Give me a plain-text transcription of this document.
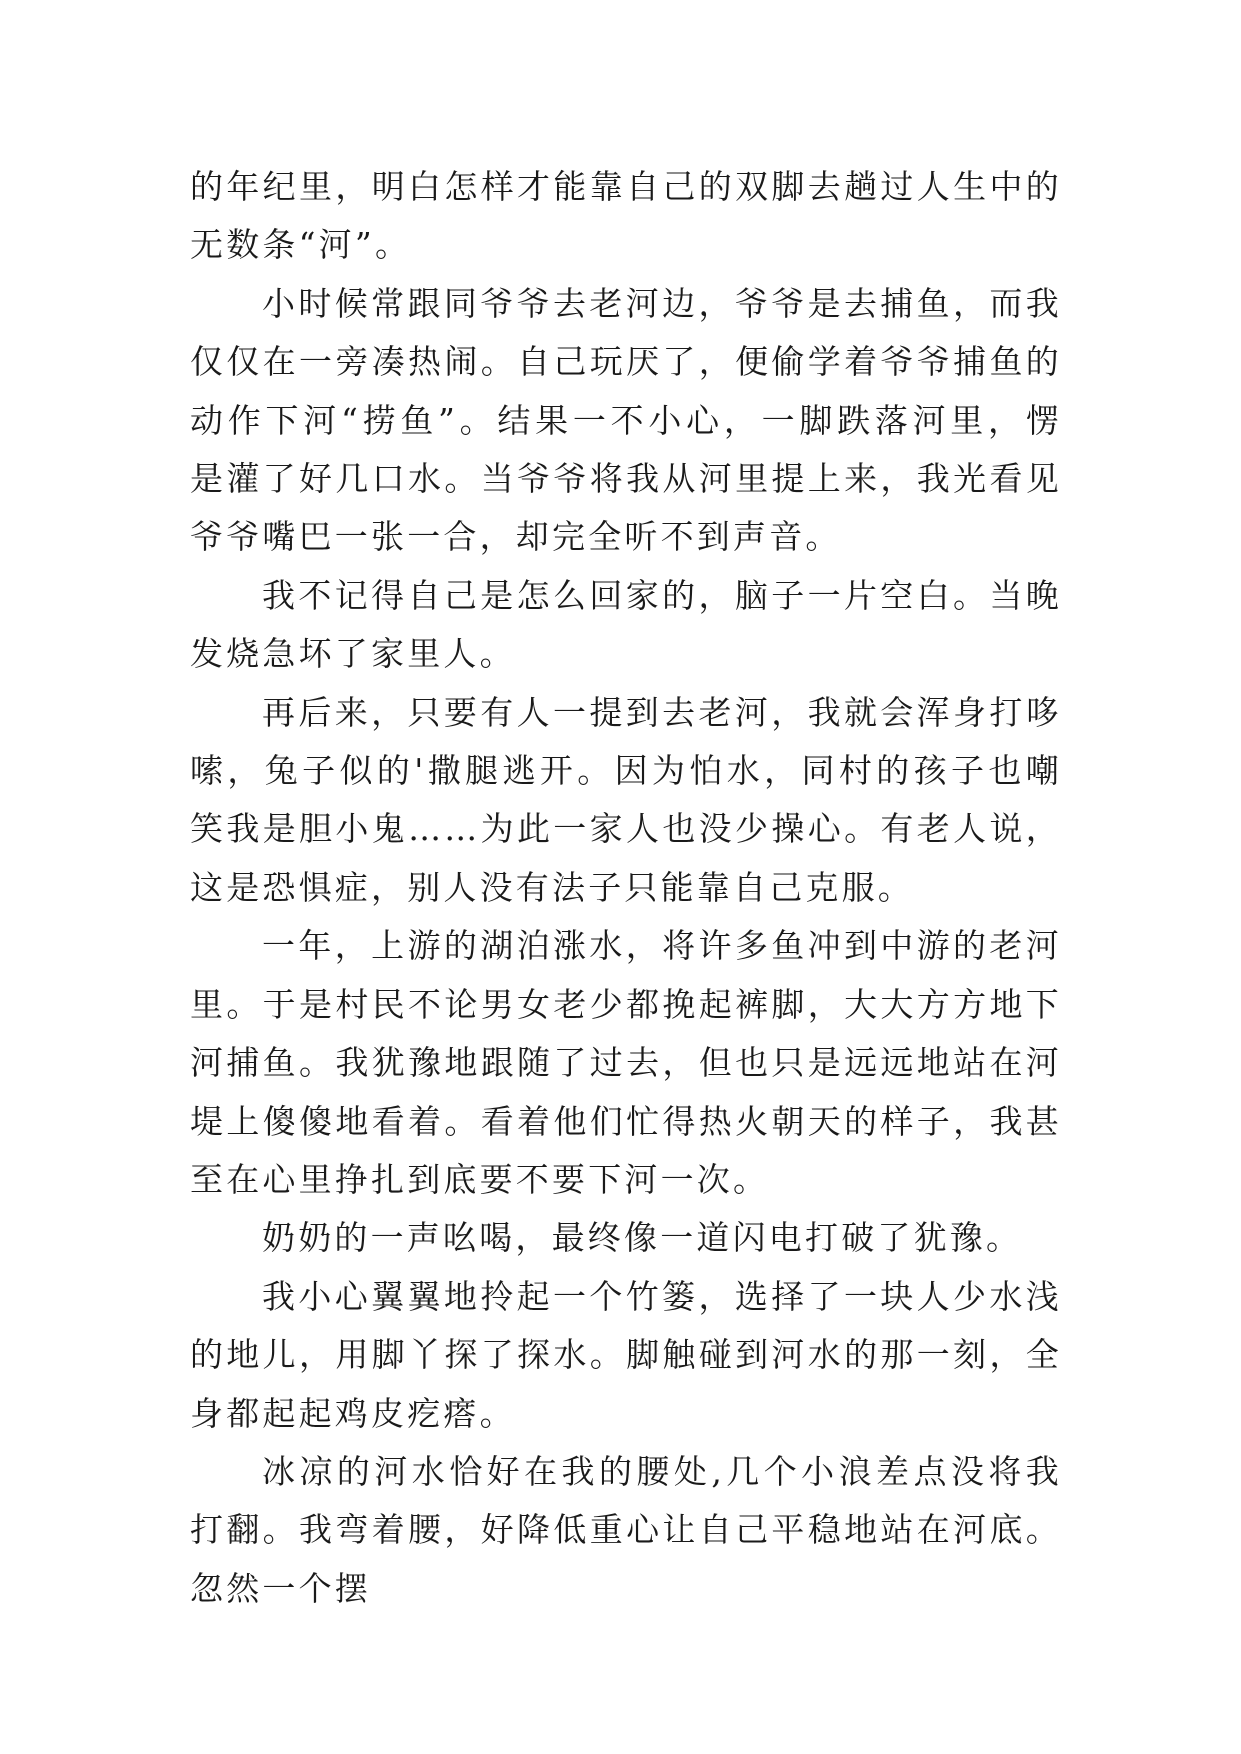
的年纪里，明白怎样才能靠自己的双脚去趟过人生中的无数条“河”。

小时候常跟同爷爷去老河边，爷爷是去捕鱼，而我仅仅在一旁凑热闹。自己玩厌了，便偷学着爷爷捕鱼的动作下河“捞鱼”。结果一不小心，一脚跌落河里，愣是灌了好几口水。当爷爷将我从河里提上来，我光看见爷爷嘴巴一张一合，却完全听不到声音。

我不记得自己是怎么回家的，脑子一片空白。当晚发烧急坏了家里人。

再后来，只要有人一提到去老河，我就会浑身打哆嗦，兔子似的'撒腿逃开。因为怕水，同村的孩子也嘲笑我是胆小鬼……为此一家人也没少操心。有老人说，这是恐惧症，别人没有法子只能靠自己克服。

一年，上游的湖泊涨水，将许多鱼冲到中游的老河里。于是村民不论男女老少都挽起裤脚，大大方方地下河捕鱼。我犹豫地跟随了过去，但也只是远远地站在河堤上傻傻地看着。看着他们忙得热火朝天的样子，我甚至在心里挣扎到底要不要下河一次。

奶奶的一声吆喝，最终像一道闪电打破了犹豫。

我小心翼翼地拎起一个竹篓，选择了一块人少水浅的地儿，用脚丫探了探水。脚触碰到河水的那一刻，全身都起起鸡皮疙瘩。

冰凉的河水恰好在我的腰处,几个小浪差点没将我打翻。我弯着腰，好降低重心让自己平稳地站在河底。忽然一个摆
